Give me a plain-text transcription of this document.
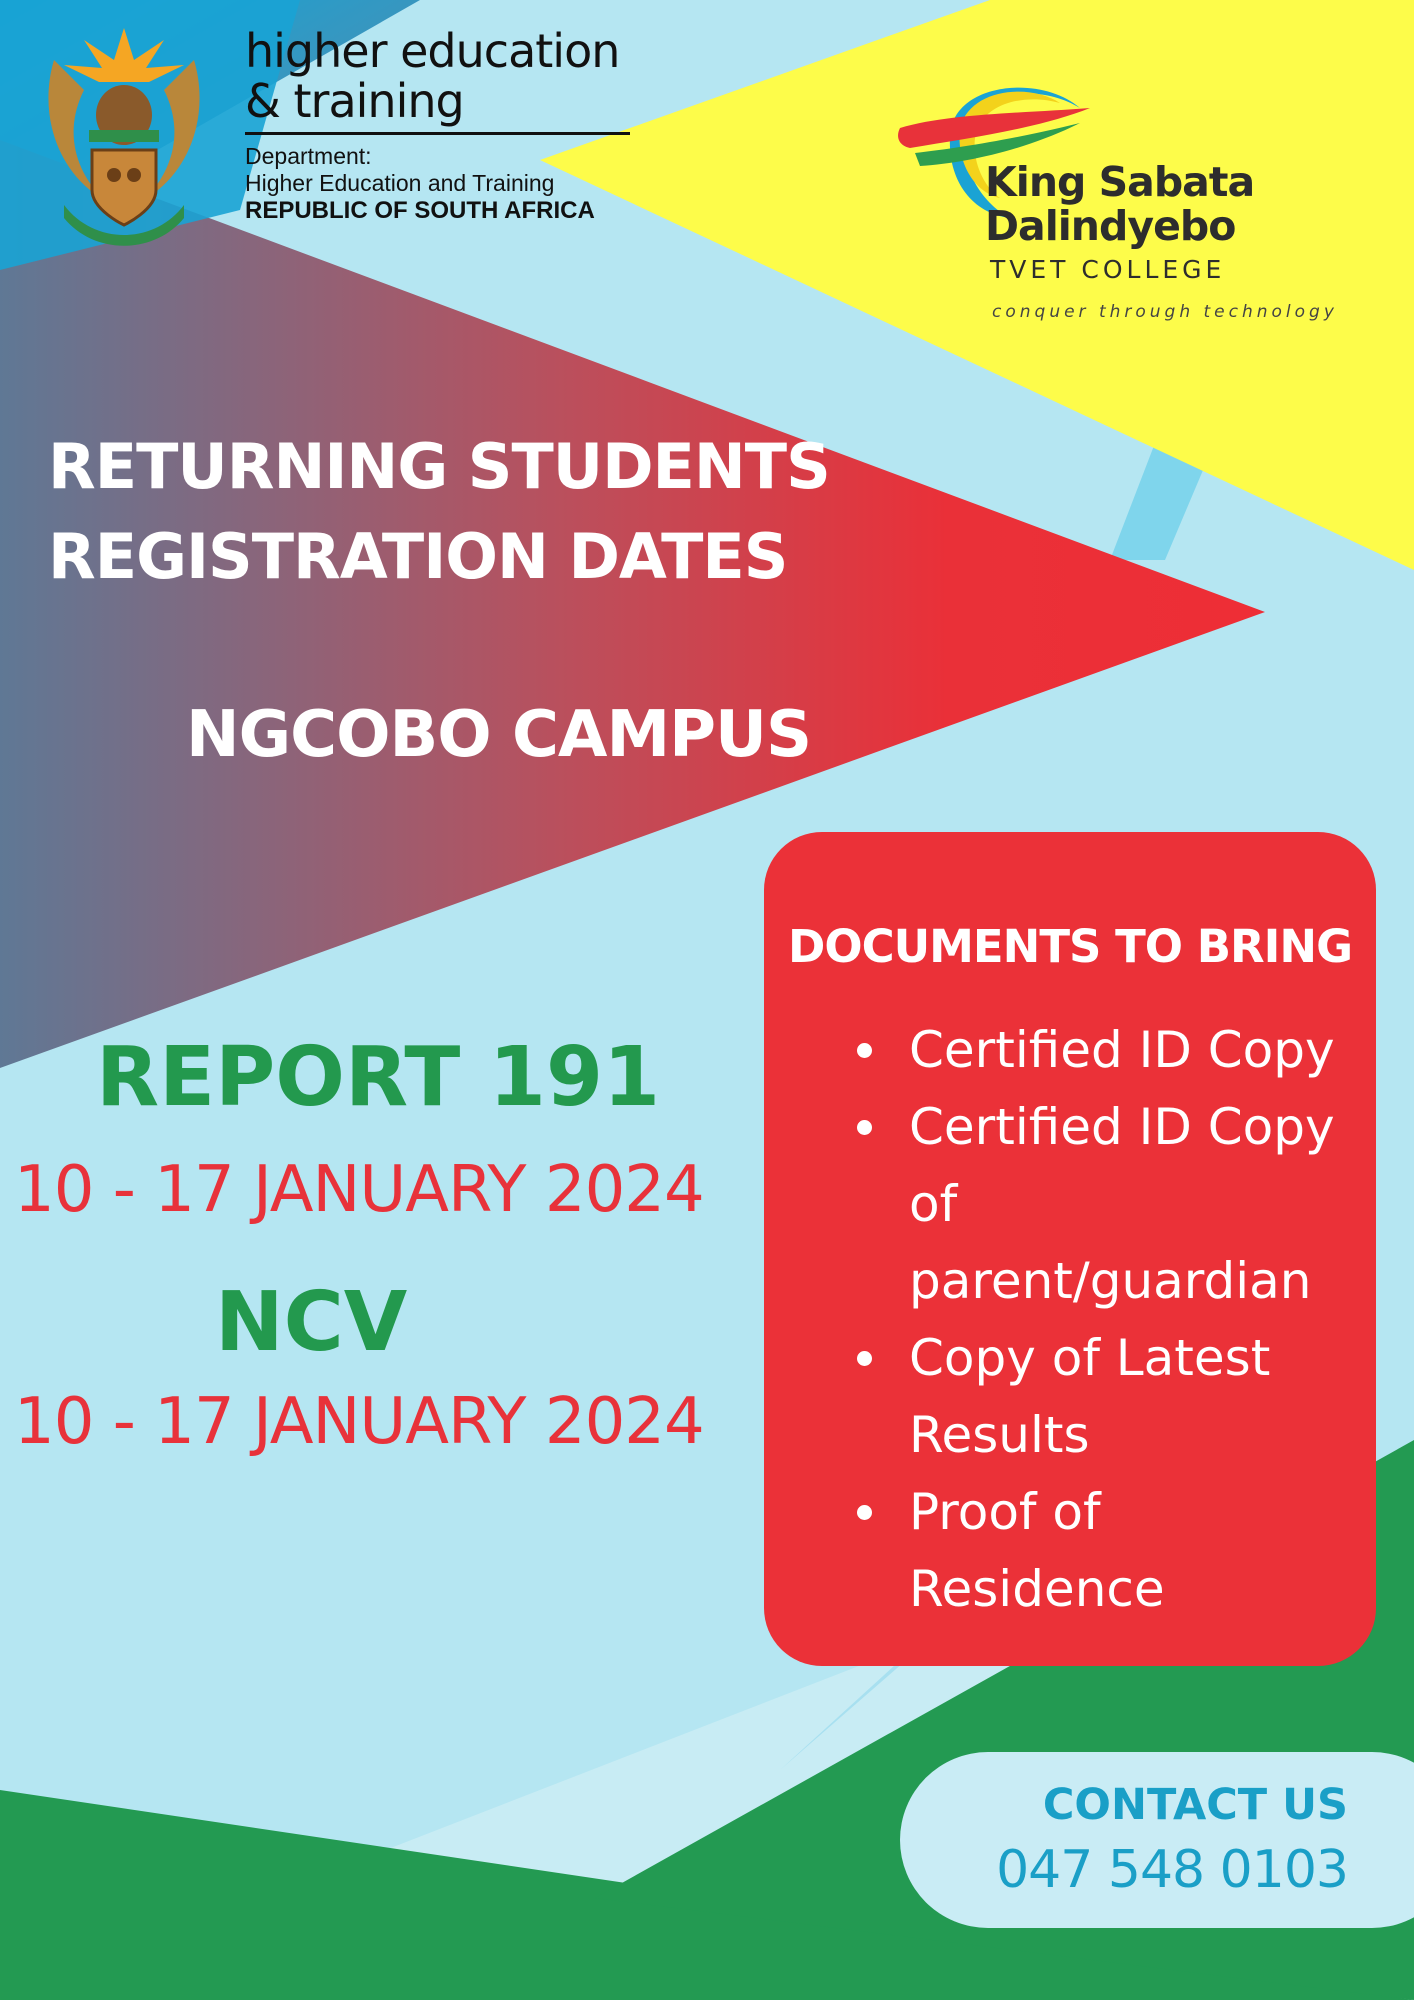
higher education
& training
Department:
Higher Education and Training
REPUBLIC OF SOUTH AFRICA
King Sabata
Dalindyebo
TVET COLLEGE
conquer through technology
RETURNING STUDENTS
REGISTRATION DATES
NGCOBO CAMPUS
REPORT 191
10 - 17 JANUARY 2024
NCV
10 - 17 JANUARY 2024
DOCUMENTS TO BRING
Certified ID Copy
Certified ID Copy of parent/guardian
Copy of Latest Results
Proof of Residence
CONTACT US
047 548 0103
